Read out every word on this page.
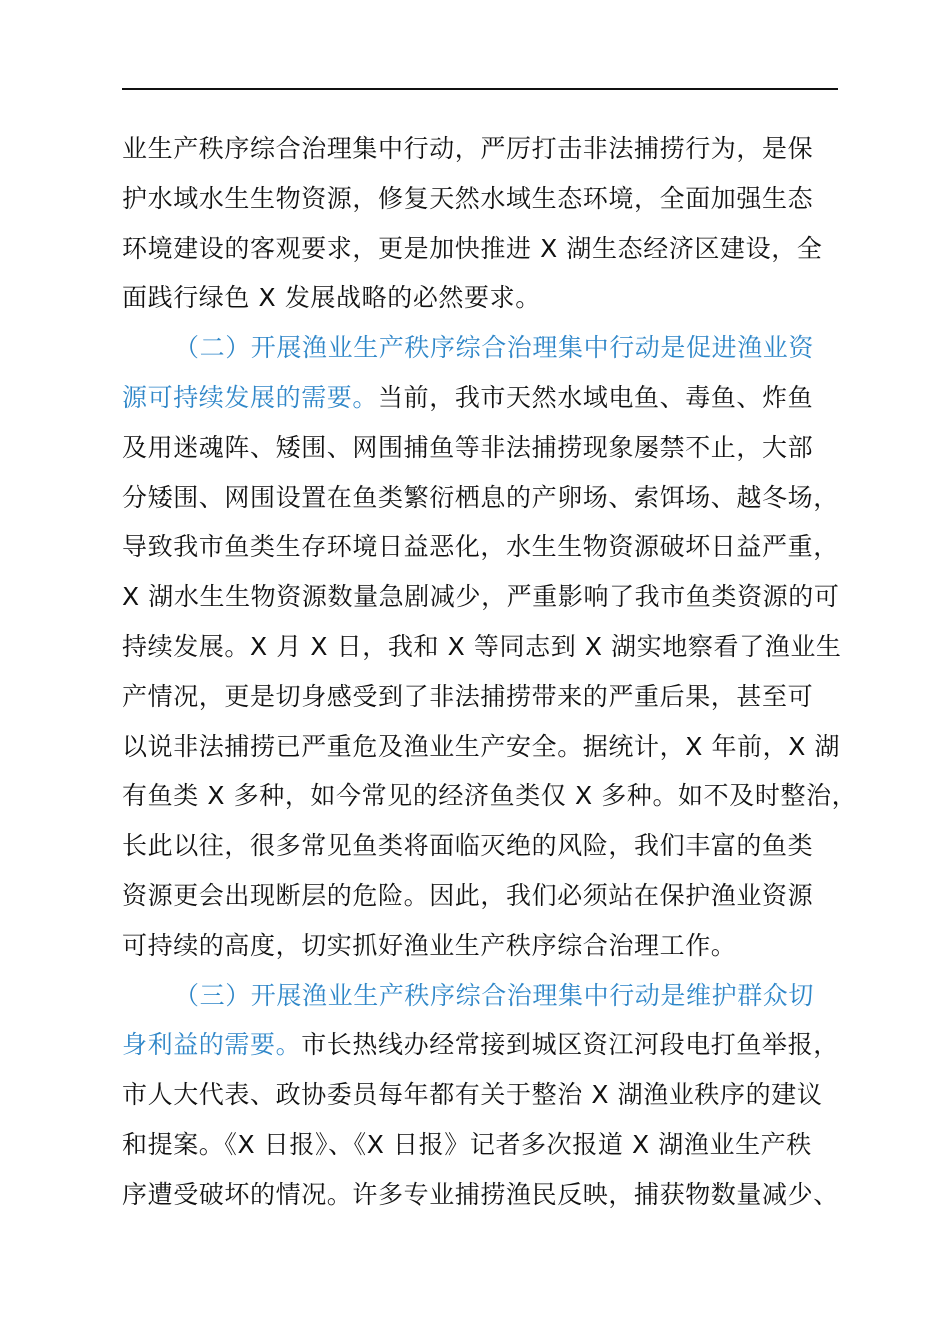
业生产秩序综合治理集中行动，严厉打击非法捕捞行为，是保
护水域水生生物资源，修复天然水域生态环境，全面加强生态
环境建设的客观要求，更是加快推进 X 湖生态经济区建设，全
面践行绿色 X 发展战略的必然要求。
（二）开展渔业生产秩序综合治理集中行动是促进渔业资
源可持续发展的需要。当前，我市天然水域电鱼、毒鱼、炸鱼
及用迷魂阵、矮围、网围捕鱼等非法捕捞现象屡禁不止，大部
分矮围、网围设置在鱼类繁衍栖息的产卵场、索饵场、越冬场，
导致我市鱼类生存环境日益恶化，水生生物资源破坏日益严重，
X 湖水生生物资源数量急剧减少，严重影响了我市鱼类资源的可
持续发展。X 月 X 日，我和 X 等同志到 X 湖实地察看了渔业生
产情况，更是切身感受到了非法捕捞带来的严重后果，甚至可
以说非法捕捞已严重危及渔业生产安全。据统计，X 年前，X 湖
有鱼类 X 多种，如今常见的经济鱼类仅 X 多种。如不及时整治，
长此以往，很多常见鱼类将面临灭绝的风险，我们丰富的鱼类
资源更会出现断层的危险。因此，我们必须站在保护渔业资源
可持续的高度，切实抓好渔业生产秩序综合治理工作。
（三）开展渔业生产秩序综合治理集中行动是维护群众切
身利益的需要。市长热线办经常接到城区资江河段电打鱼举报，
市人大代表、政协委员每年都有关于整治 X 湖渔业秩序的建议
和提案。《X 日报》、《X 日报》记者多次报道 X 湖渔业生产秩
序遭受破坏的情况。许多专业捕捞渔民反映，捕获物数量减少、
